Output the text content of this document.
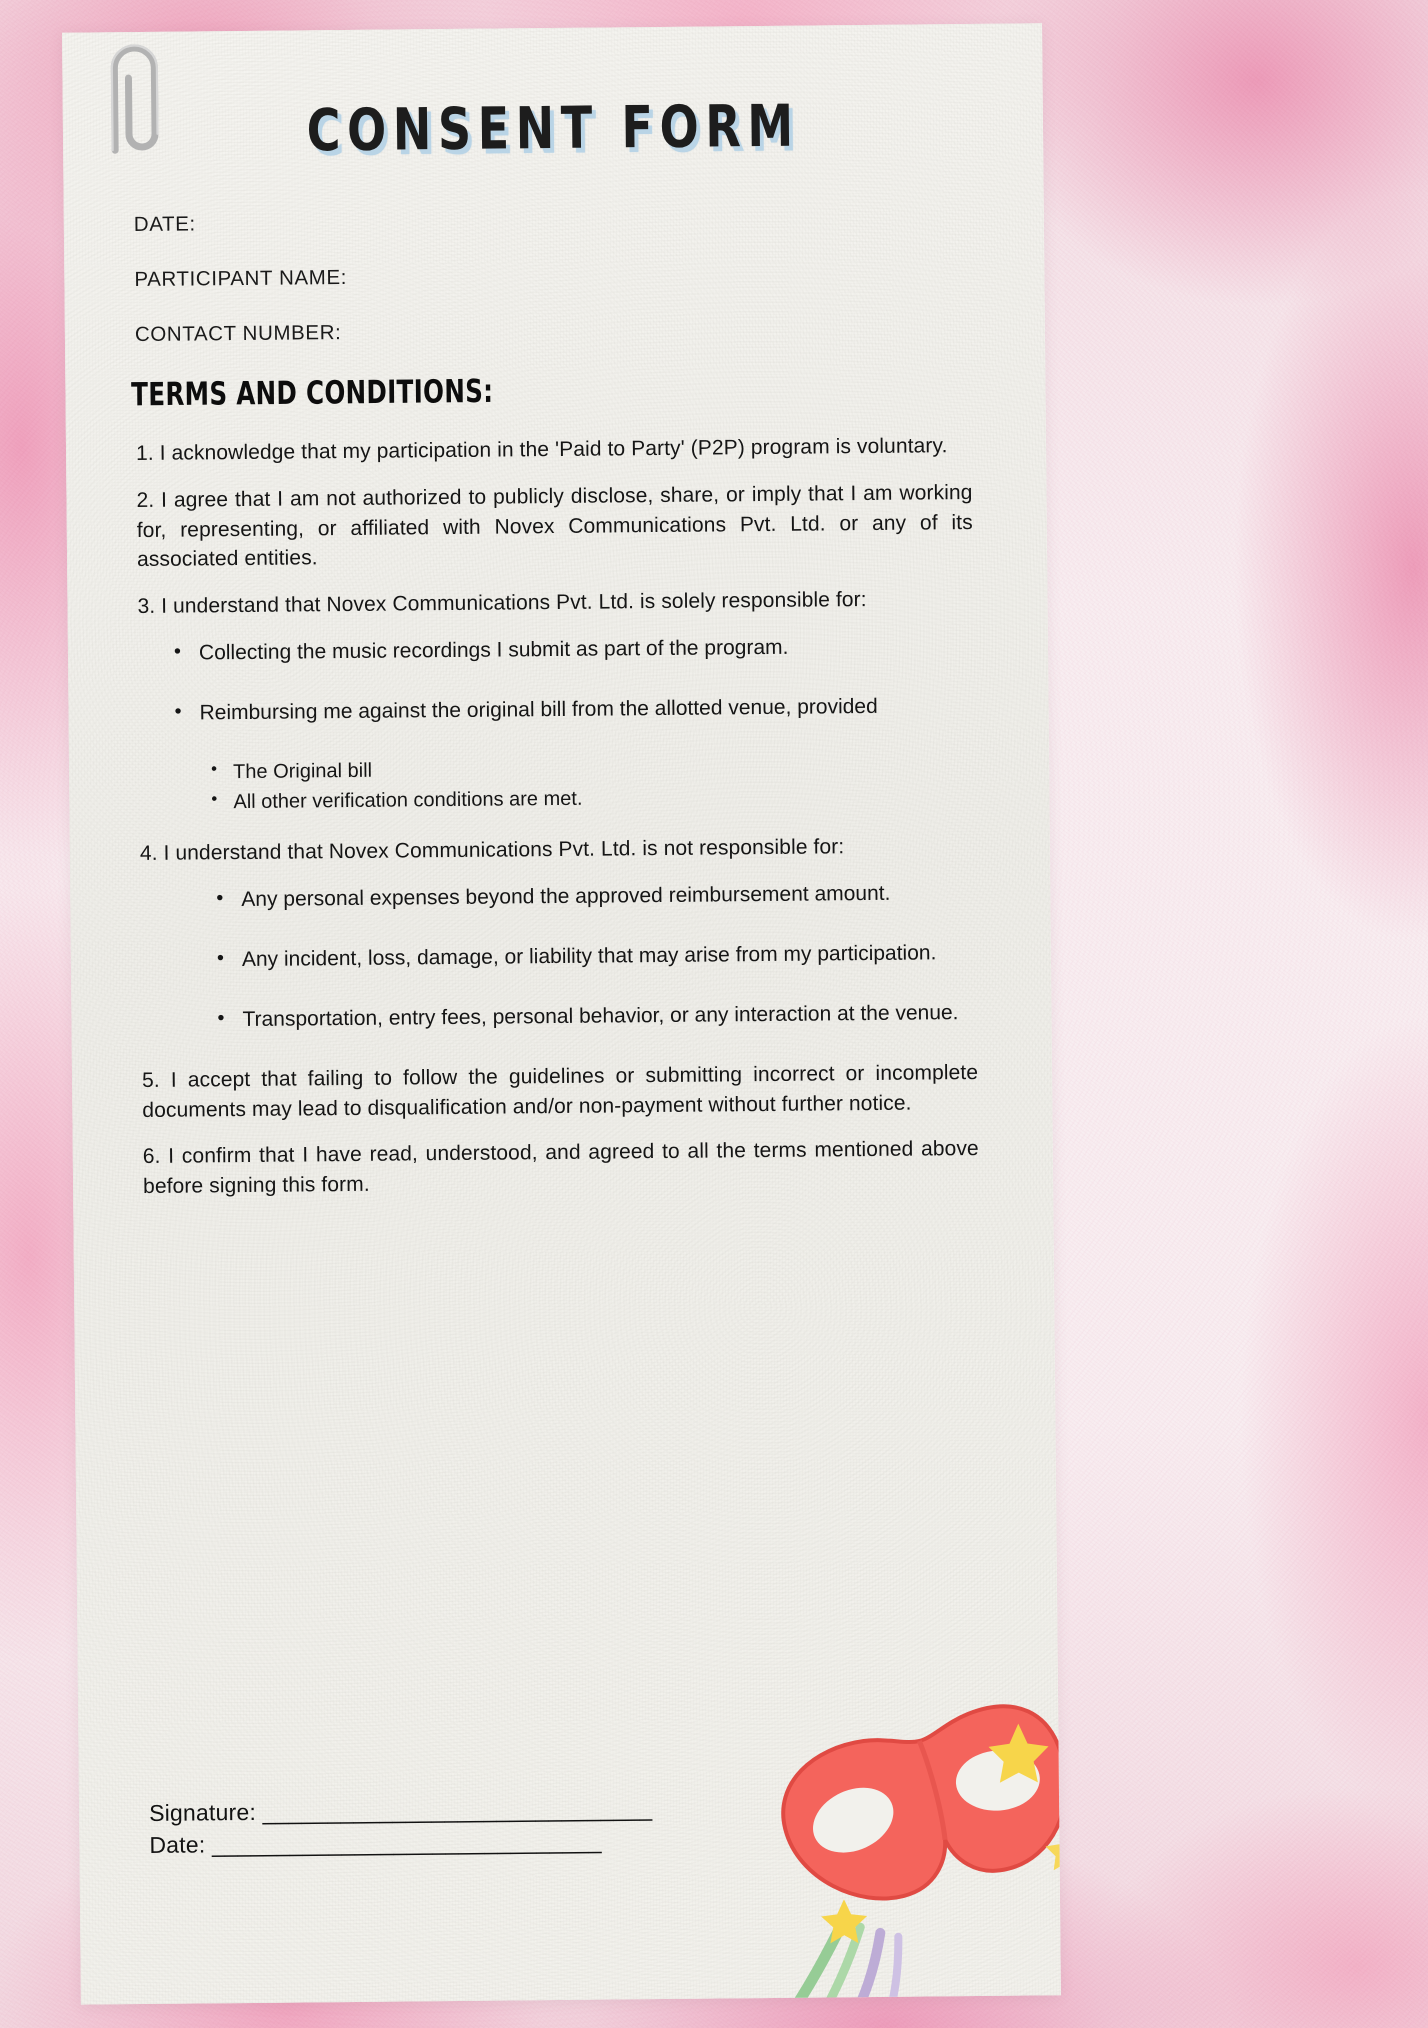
CONSENT FORM
DATE:
PARTICIPANT NAME:
CONTACT NUMBER:
TERMS AND CONDITIONS:

1. I acknowledge that my participation in the 'Paid to Party' (P2P) program is voluntary.

2. I agree that I am not authorized to publicly disclose, share, or imply that I am working for, representing, or affiliated with Novex Communications Pvt. Ltd. or any of its associated entities.

3. I understand that Novex Communications Pvt. Ltd. is solely responsible for:

• Collecting the music recordings I submit as part of the program.
• Reimbursing me against the original bill from the allotted venue, provided
• The Original bill
• All other verification conditions are met.

4. I understand that Novex Communications Pvt. Ltd. is not responsible for:

• Any personal expenses beyond the approved reimbursement amount.
• Any incident, loss, damage, or liability that may arise from my participation.
• Transportation, entry fees, personal behavior, or any interaction at the venue.

5. I accept that failing to follow the guidelines or submitting incorrect or incomplete documents may lead to disqualification and/or non-payment without further notice.

6. I confirm that I have read, understood, and agreed to all the terms mentioned above before signing this form.

Signature: ______________________________
Date: ______________________________
